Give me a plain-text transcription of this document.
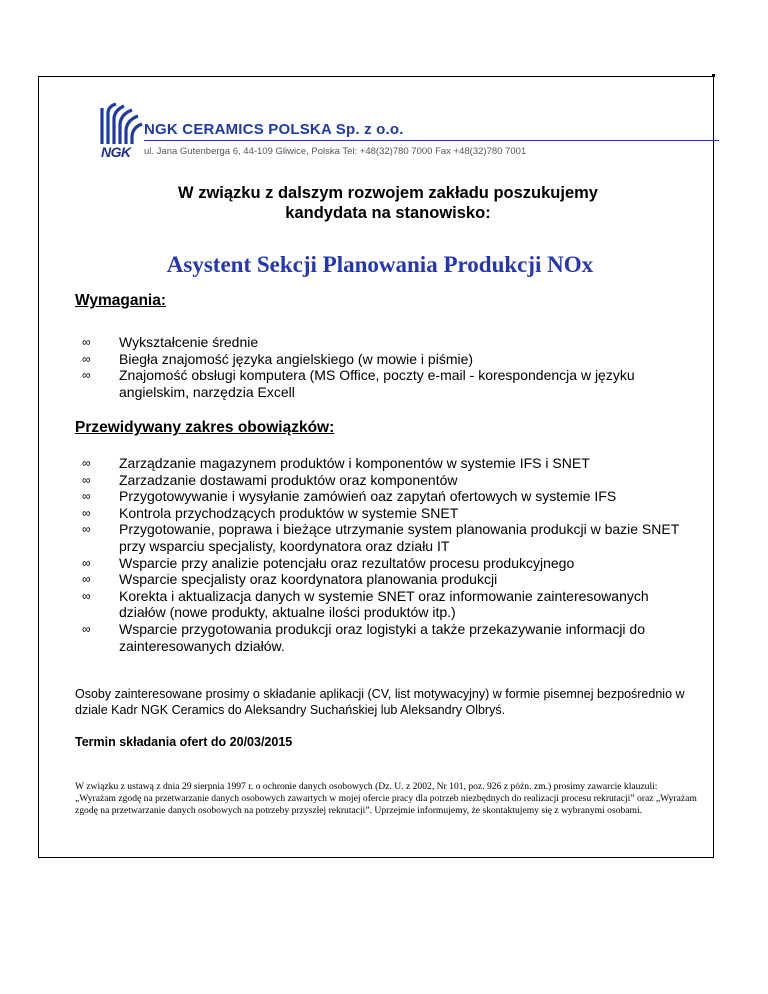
NGK CERAMICS POLSKA Sp. z o.o.
NGK ul. Jana Gutenberga 6, 44-109 Gliwice, Polska Tel: +48(32)780 7000 Fax +48(32)780 7001
W związku z dalszym rozwojem zakładu poszukujemy
kandydata na stanowisko:
Asystent Sekcji Planowania Produkcji NOx
Wymagania:
∞ Wykształcenie średnie
∞ Biegła znajomość języka angielskiego (w mowie i piśmie)
∞ Znajomość obsługi komputera (MS Office, poczty e-mail - korespondencja w języku angielskim, narzędzia Excell
Przewidywany zakres obowiązków:
∞ Zarządzanie magazynem produktów i komponentów w systemie IFS i SNET
∞ Zarzadzanie dostawami produktów oraz komponentów
∞ Przygotowywanie i wysyłanie zamówień oaz zapytań ofertowych w systemie IFS
∞ Kontrola przychodzących produktów w systemie SNET
∞ Przygotowanie, poprawa i bieżące utrzymanie system planowania produkcji w bazie SNET przy wsparciu specjalisty, koordynatora oraz działu IT
∞ Wsparcie przy analizie potencjału oraz rezultatów procesu produkcyjnego
∞ Wsparcie specjalisty oraz koordynatora planowania produkcji
∞ Korekta i aktualizacja danych w systemie SNET oraz informowanie zainteresowanych działów (nowe produkty, aktualne ilości produktów itp.)
∞ Wsparcie przygotowania produkcji oraz logistyki a także przekazywanie informacji do zainteresowanych działów.
Osoby zainteresowane prosimy o składanie aplikacji (CV, list motywacyjny) w formie pisemnej bezpośrednio w dziale Kadr NGK Ceramics do Aleksandry Suchańskiej lub Aleksandry Olbryś.
Termin składania ofert do 20/03/2015
W związku z ustawą z dnia 29 sierpnia 1997 r. o ochronie danych osobowych (Dz. U. z 2002, Nr 101, poz. 926 z późn. zm.) prosimy zawarcie klauzuli: „Wyrażam zgodę na przetwarzanie danych osobowych zawartych w mojej ofercie pracy dla potrzeb niezbędnych do realizacji procesu rekrutacji” oraz „Wyrażam zgodę na przetwarzanie danych osobowych na potrzeby przyszłej rekrutacji”. Uprzejmie informujemy, że skontaktujemy się z wybranymi osobami.
